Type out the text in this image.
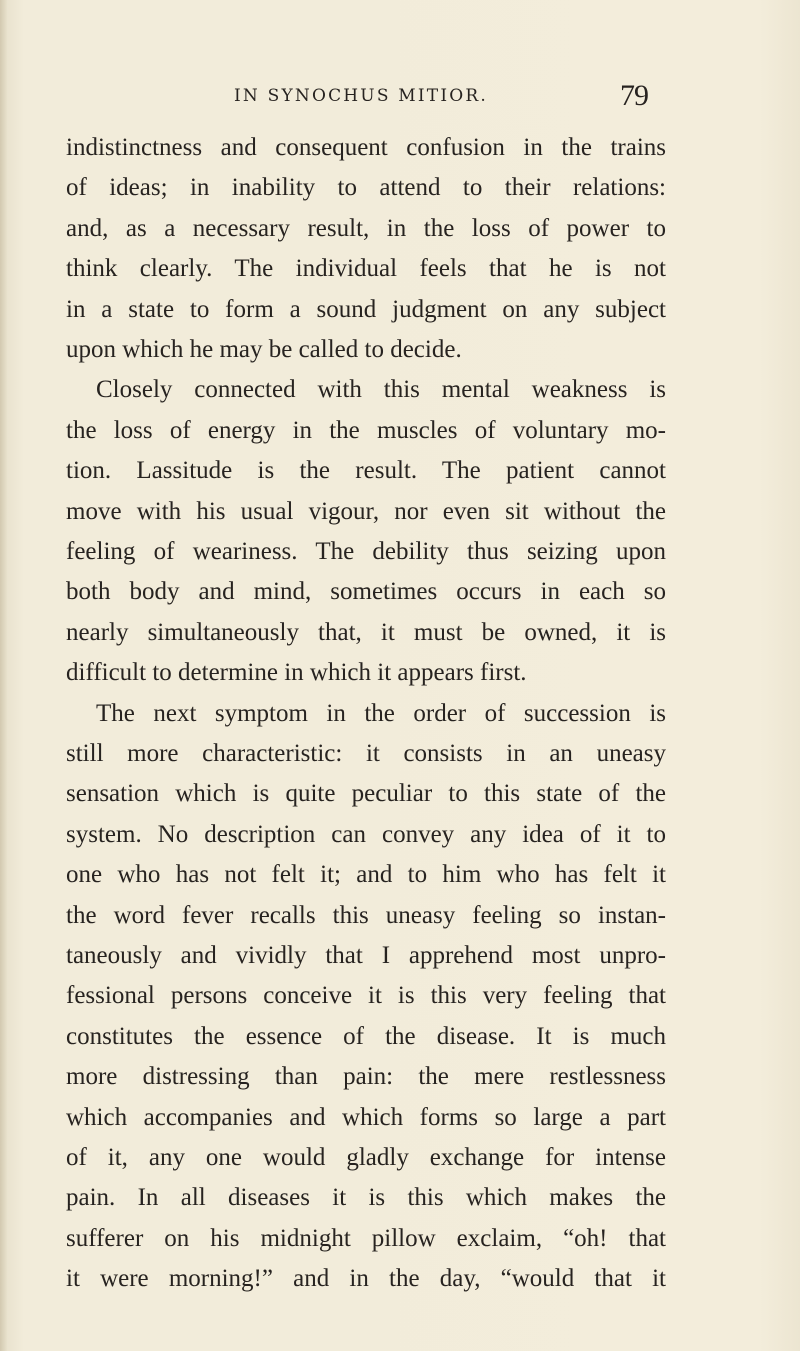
IN SYNOCHUS MITIOR.	79
indistinctness and consequent confusion in the trains
of ideas; in inability to attend to their relations:
and, as a necessary result, in the loss of power to
think clearly. The individual feels that he is not
in a state to form a sound judgment on any subject
upon which he may be called to decide.
Closely connected with this mental weakness is
the loss of energy in the muscles of voluntary mo-
tion. Lassitude is the result. The patient cannot
move with his usual vigour, nor even sit without the
feeling of weariness. The debility thus seizing upon
both body and mind, sometimes occurs in each so
nearly simultaneously that, it must be owned, it is
difficult to determine in which it appears first.
The next symptom in the order of succession is
still more characteristic: it consists in an uneasy
sensation which is quite peculiar to this state of the
system. No description can convey any idea of it to
one who has not felt it; and to him who has felt it
the word fever recalls this uneasy feeling so instan-
taneously and vividly that I apprehend most unpro-
fessional persons conceive it is this very feeling that
constitutes the essence of the disease. It is much
more distressing than pain: the mere restlessness
which accompanies and which forms so large a part
of it, any one would gladly exchange for intense
pain. In all diseases it is this which makes the
sufferer on his midnight pillow exclaim, “oh! that
it were morning!” and in the day, “would that it
